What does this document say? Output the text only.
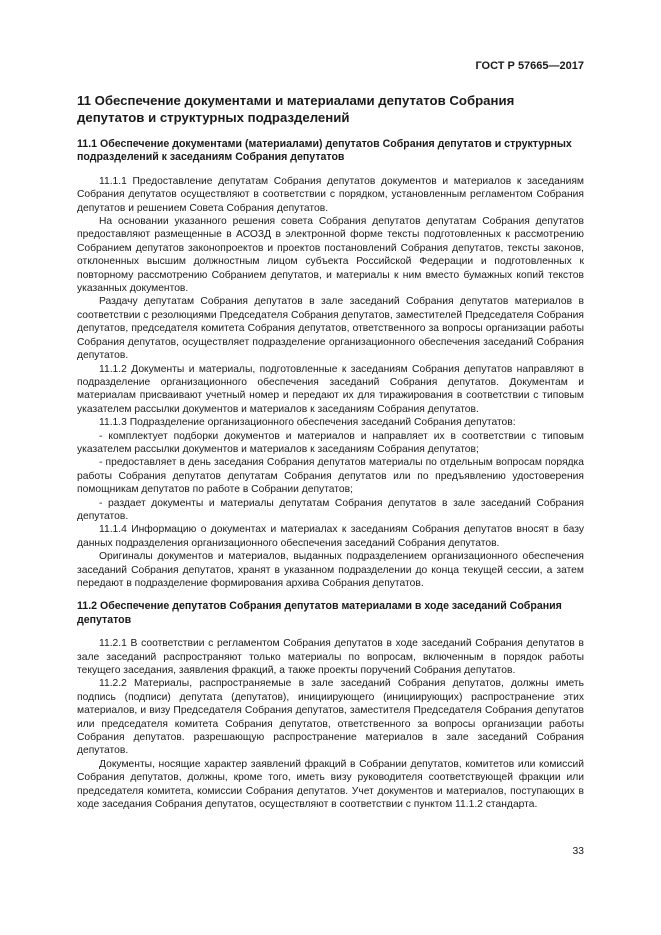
ГОСТ Р 57665—2017
11 Обеспечение документами и материалами депутатов Собрания депутатов и структурных подразделений
11.1 Обеспечение документами (материалами) депутатов Собрания депутатов и структурных подразделений к заседаниям Собрания депутатов

11.1.1 Предоставление депутатам Собрания депутатов документов и материалов к заседаниям Собрания депутатов осуществляют в соответствии с порядком, установленным регламентом Собрания депутатов и решением Совета Собрания депутатов.

На основании указанного решения совета Собрания депутатов депутатам Собрания депутатов предоставляют размещенные в АСОЗД в электронной форме тексты подготовленных к рассмотрению Собранием депутатов законопроектов и проектов постановлений Собрания депутатов, тексты законов, отклоненных высшим должностным лицом субъекта Российской Федерации и подготовленных к повторному рассмотрению Собранием депутатов, и материалы к ним вместо бумажных копий текстов указанных документов.

Раздачу депутатам Собрания депутатов в зале заседаний Собрания депутатов материалов в соответствии с резолюциями Председателя Собрания депутатов, заместителей Председателя Собрания депутатов, председателя комитета Собрания депутатов, ответственного за вопросы организации работы Собрания депутатов, осуществляет подразделение организационного обеспечения заседаний Собрания депутатов.

11.1.2 Документы и материалы, подготовленные к заседаниям Собрания депутатов направляют в подразделение организационного обеспечения заседаний Собрания депутатов. Документам и материалам присваивают учетный номер и передают их для тиражирования в соответствии с типовым указателем рассылки документов и материалов к заседаниям Собрания депутатов.

11.1.3 Подразделение организационного обеспечения заседаний Собрания депутатов:

- комплектует подборки документов и материалов и направляет их в соответствии с типовым указателем рассылки документов и материалов к заседаниям Собрания депутатов;

- предоставляет в день заседания Собрания депутатов материалы по отдельным вопросам порядка работы Собрания депутатов депутатам Собрания депутатов или по предъявлению удостоверения помощникам депутатов по работе в Собрании депутатов;

- раздает документы и материалы депутатам Собрания депутатов в зале заседаний Собрания депутатов.

11.1.4 Информацию о документах и материалах к заседаниям Собрания депутатов вносят в базу данных подразделения организационного обеспечения заседаний Собрания депутатов.

Оригиналы документов и материалов, выданных подразделением организационного обеспечения заседаний Собрания депутатов, хранят в указанном подразделении до конца текущей сессии, а затем передают в подразделение формирования архива Собрания депутатов.

11.2 Обеспечение депутатов Собрания депутатов материалами в ходе заседаний Собрания депутатов

11.2.1 В соответствии с регламентом Собрания депутатов в ходе заседаний Собрания депутатов в зале заседаний распространяют только материалы по вопросам, включенным в порядок работы текущего заседания, заявления фракций, а также проекты поручений Собрания депутатов.

11.2.2 Материалы, распространяемые в зале заседаний Собрания депутатов, должны иметь подпись (подписи) депутата (депутатов), инициирующего (инициирующих) распространение этих материалов, и визу Председателя Собрания депутатов, заместителя Председателя Собрания депутатов или председателя комитета Собрания депутатов, ответственного за вопросы организации работы Собрания депутатов. разрешающую распространение материалов в зале заседаний Собрания депутатов.

Документы, носящие характер заявлений фракций в Собрании депутатов, комитетов или комиссий Собрания депутатов, должны, кроме того, иметь визу руководителя соответствующей фракции или председателя комитета, комиссии Собрания депутатов. Учет документов и материалов, поступающих в ходе заседания Собрания депутатов, осуществляют в соответствии с пунктом 11.1.2 стандарта.

33
